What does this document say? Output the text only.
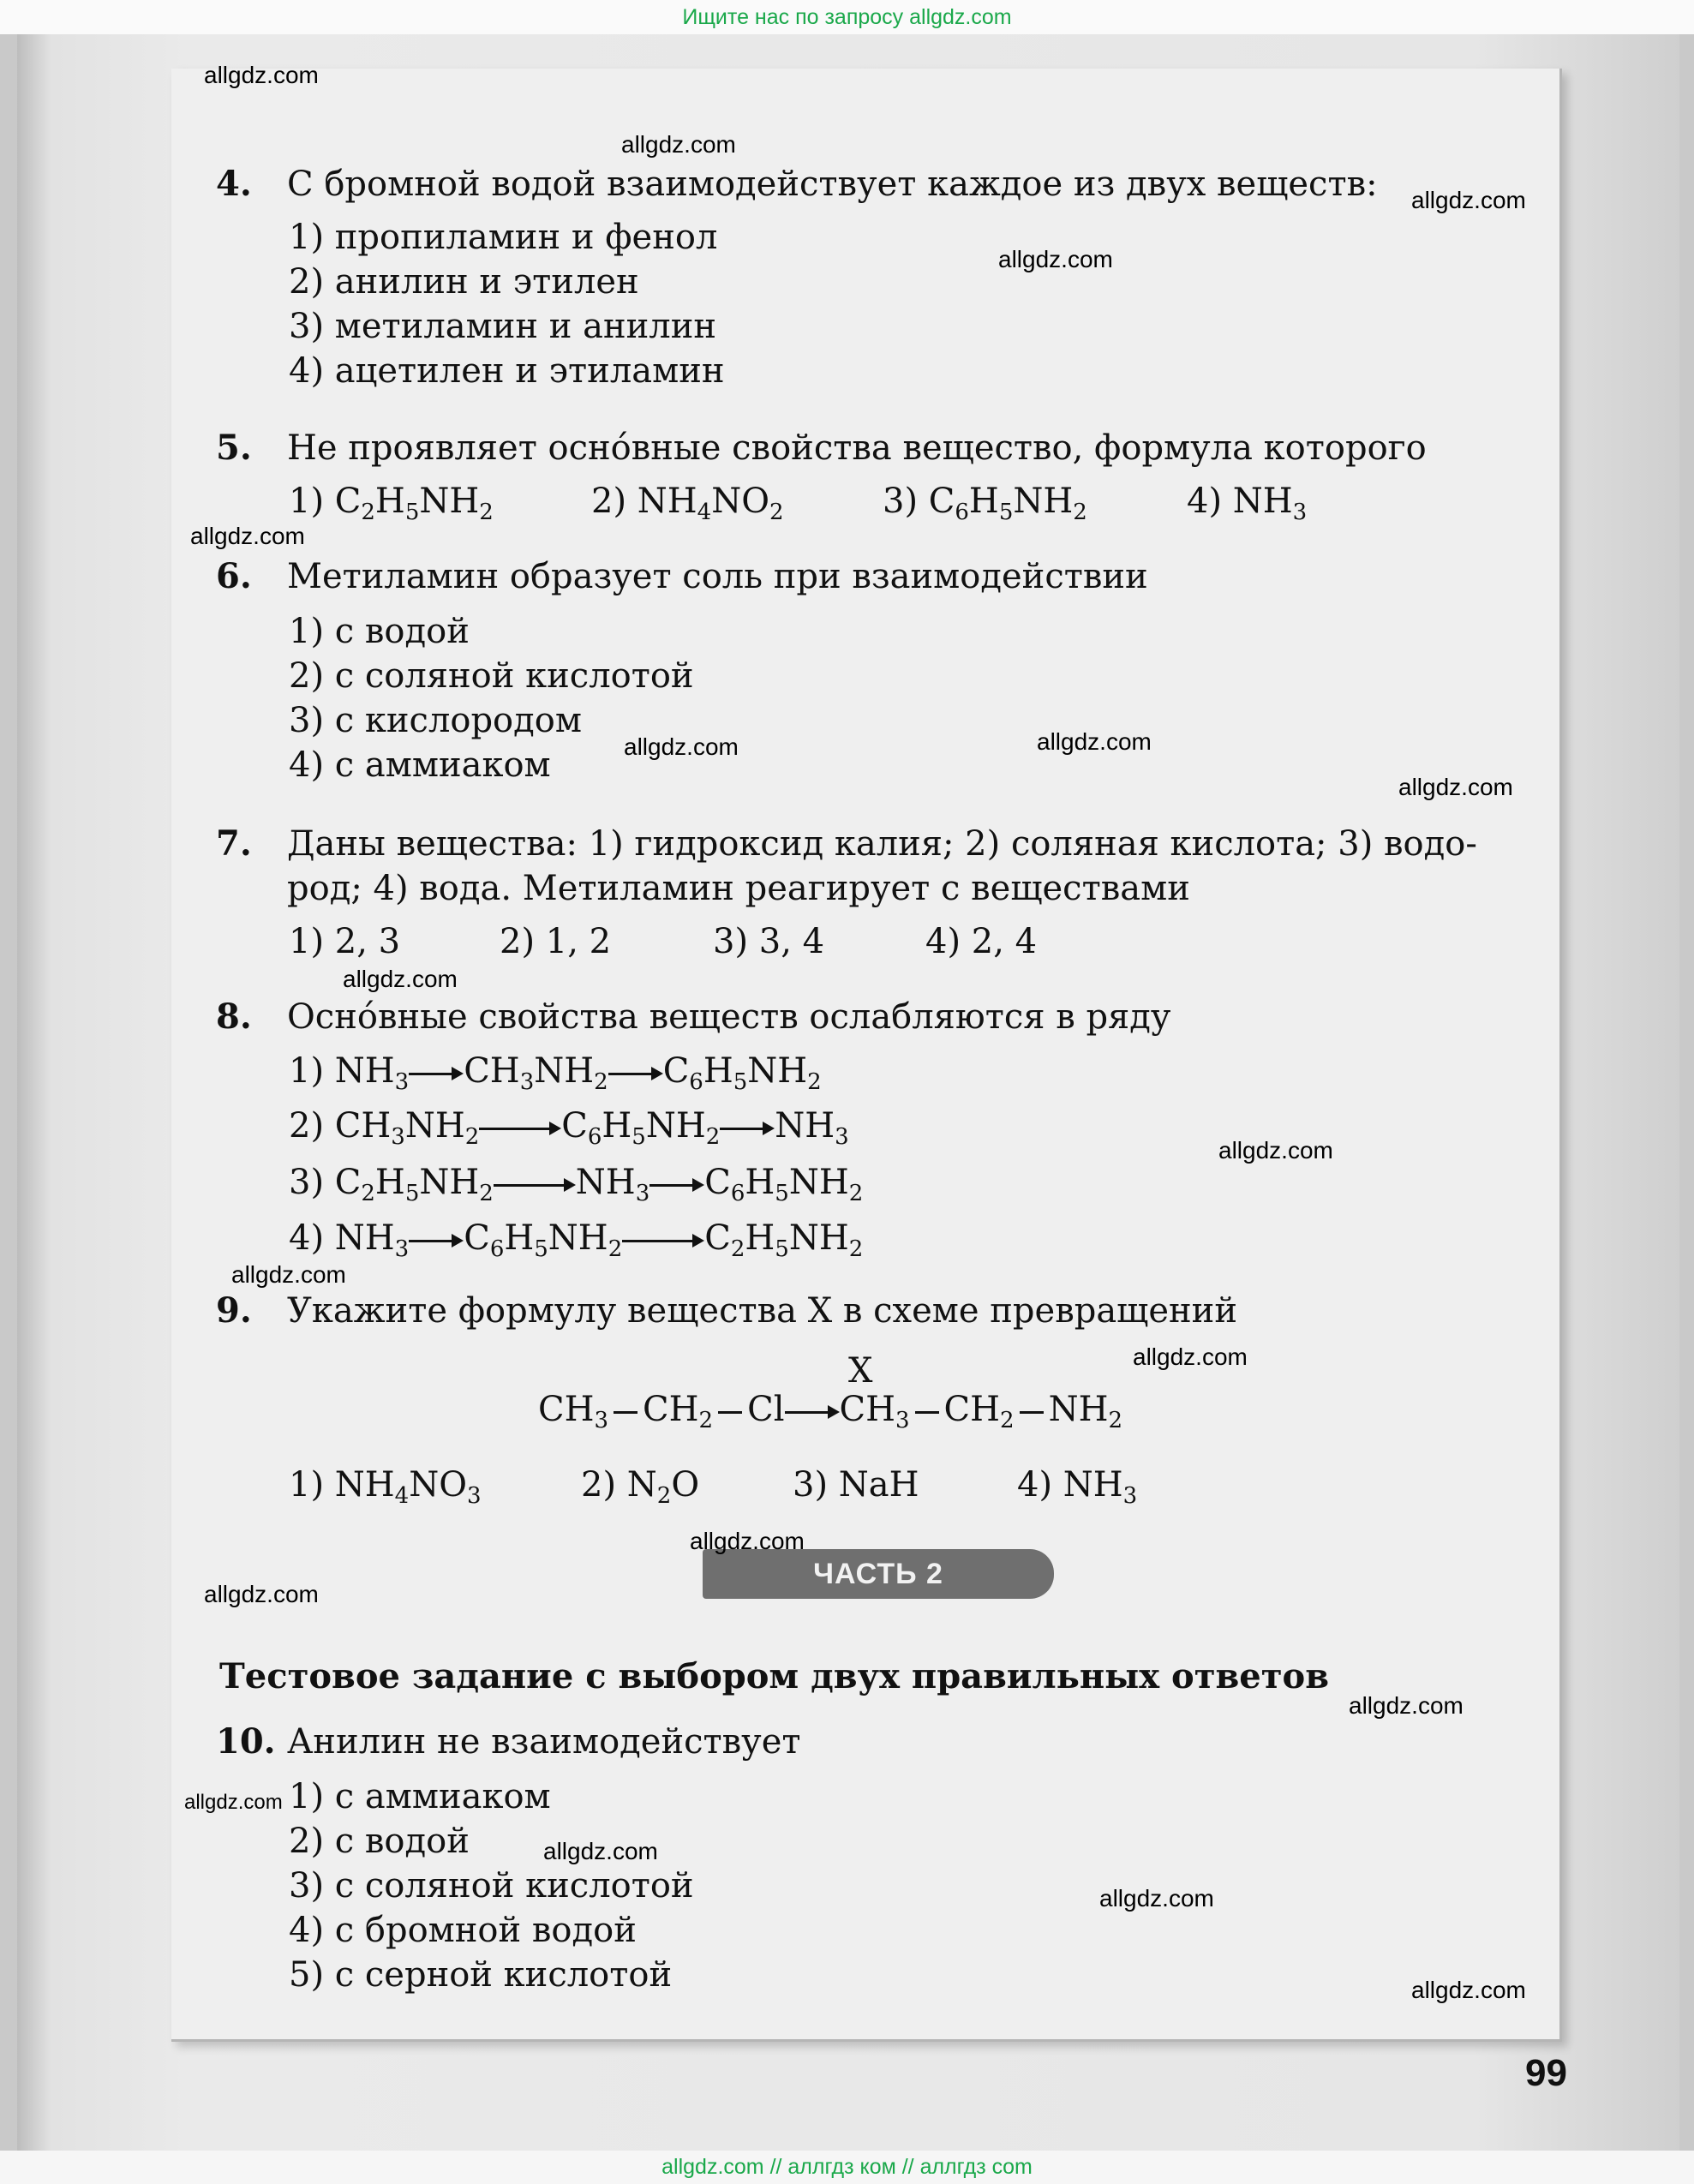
Ищите нас по запросу allgdz.com
4. С бромной водой взаимодействует каждое из двух веществ:
1) пропиламин и фенол
2) анилин и этилен
3) метиламин и анилин
4) ацетилен и этиламин
5. Не проявляет осно́вные свойства вещество, формула которого
1) $C_2H_5NH_2$	2) $NH_4NO_2$	3) $C_6H_5NH_2$	4) $NH_3$
6. Метиламин образует соль при взаимодействии
1) с водой
2) с соляной кислотой
3) с кислородом
4) с аммиаком
7. Даны вещества: 1) гидроксид калия; 2) соляная кислота; 3) водо-
род; 4) вода. Метиламин реагирует с веществами
1) 2, 3	2) 1, 2	3) 3, 4	4) 2, 4
8. Осно́вные свойства веществ ослабляются в ряду
1) $NH_3$ $CH_3NH_2$ $C_6H_5NH_2$
2) $CH_3NH_2$ $C_6H_5NH_2$ $NH_3$
3) $C_2H_5NH_2$ $NH_3$ $C_6H_5NH_2$
4) $NH_3$ $C_6H_5NH_2$ $C_2H_5NH_2$
9. Укажите формулу вещества X в схеме превращений
X
$CH_3$ $CH_2$ Cl $CH_3$ $CH_2$ $NH_2$
1) $NH_4NO_3$	2) $N_2O$	3) NaH	4) $NH_3$
ЧАСТЬ 2
Тестовое задание с выбором двух правильных ответов
10. Анилин не взаимодействует
1) с аммиаком
2) с водой
3) с соляной кислотой
4) с бромной водой
5) с серной кислотой
99
allgdz.com
allgdz.com
allgdz.com
allgdz.com
allgdz.com
allgdz.com
allgdz.com
allgdz.com
allgdz.com
allgdz.com
allgdz.com
allgdz.com
allgdz.com
allgdz.com
allgdz.com
allgdz.com
allgdz.com
allgdz.com
allgdz.com
allgdz.com // аллгдз ком // аллгдз com
